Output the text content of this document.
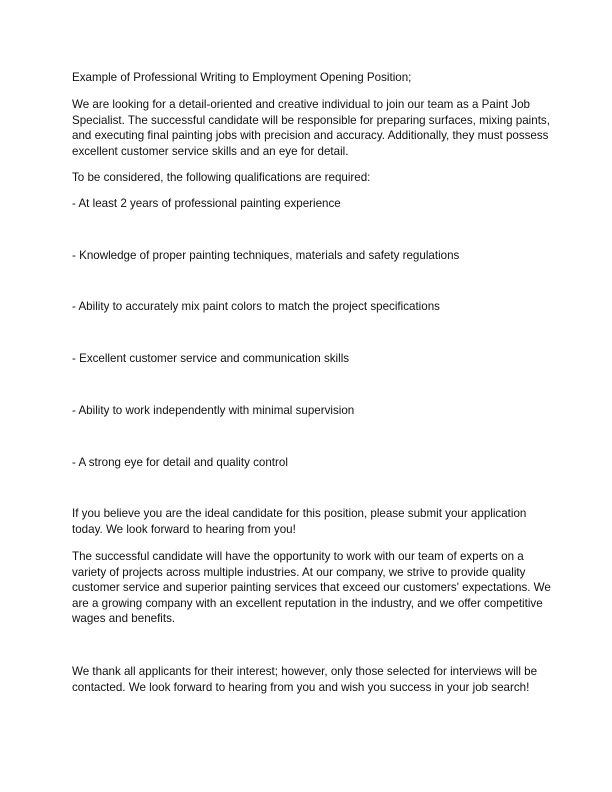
Example of Professional Writing to Employment Opening Position;

We are looking for a detail-oriented and creative individual to join our team as a Paint Job Specialist. The successful candidate will be responsible for preparing surfaces, mixing paints, and executing final painting jobs with precision and accuracy. Additionally, they must possess excellent customer service skills and an eye for detail.

To be considered, the following qualifications are required:

- At least 2 years of professional painting experience

- Knowledge of proper painting techniques, materials and safety regulations

- Ability to accurately mix paint colors to match the project specifications

- Excellent customer service and communication skills

- Ability to work independently with minimal supervision

- A strong eye for detail and quality control

If you believe you are the ideal candidate for this position, please submit your application today. We look forward to hearing from you!

The successful candidate will have the opportunity to work with our team of experts on a variety of projects across multiple industries. At our company, we strive to provide quality customer service and superior painting services that exceed our customers' expectations. We are a growing company with an excellent reputation in the industry, and we offer competitive wages and benefits.

We thank all applicants for their interest; however, only those selected for interviews will be contacted. We look forward to hearing from you and wish you success in your job search!
